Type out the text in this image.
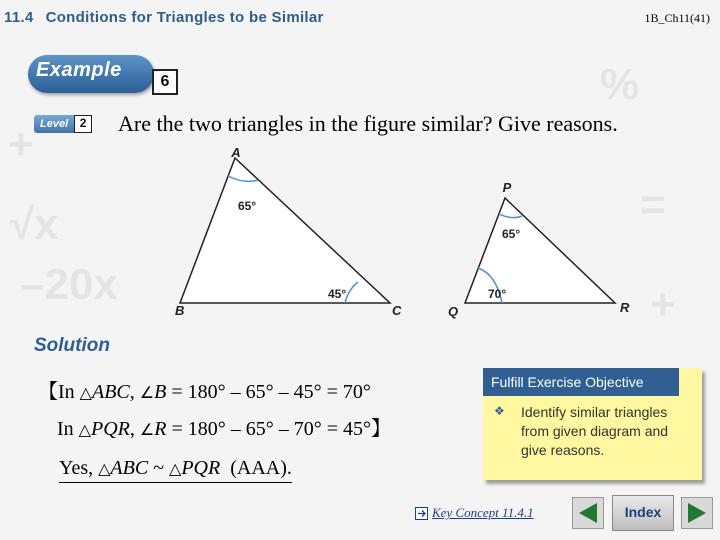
+
√x
–20x
=
+
%
11.4 Conditions for Triangles to be Similar	1B_Ch11(41)
Example
6
Level 2 Are the two triangles in the figure similar? Give reasons.
A
B	C
65°
45°
P
Q	R
65°
70°
Solution
【In △ABC, ∠B = 180° – 65° – 45° = 70°
In △PQR, ∠R = 180° – 65° – 70° = 45°】
Yes, △ABC ~ △PQR  (AAA).
Fulfill Exercise Objective
❖ Identify similar triangles from given diagram and give reasons.
Key Concept 11.4.1	Index
